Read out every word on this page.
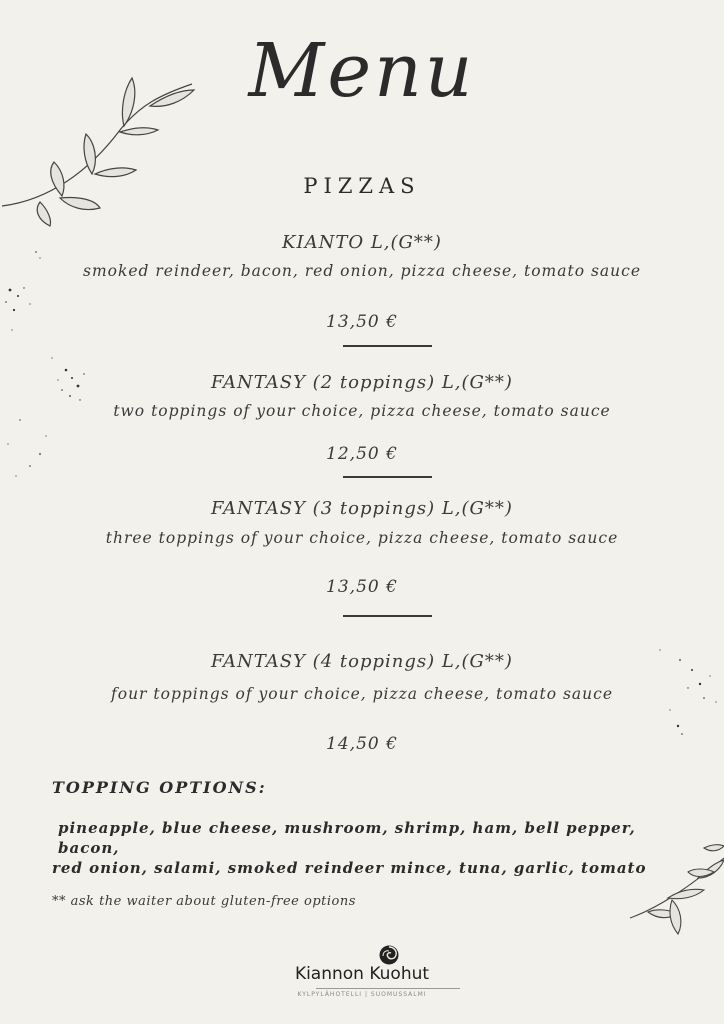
Menu
PIZZAS
KIANTO L,(G**)
smoked reindeer, bacon, red onion, pizza cheese, tomato sauce
13,50 €
FANTASY (2 toppings) L,(G**)
two toppings of your choice, pizza cheese, tomato sauce
12,50 €
FANTASY (3 toppings) L,(G**)
three toppings of your choice, pizza cheese, tomato sauce
13,50 €
FANTASY (4 toppings) L,(G**)
four toppings of your choice, pizza cheese, tomato sauce
14,50 €
TOPPING OPTIONS:
pineapple, blue cheese, mushroom, shrimp, ham, bell pepper, bacon,
red onion, salami, smoked reindeer mince, tuna, garlic, tomato
** ask the waiter about gluten-free options
Kiannon Kuohut
KYLPYLÄHOTELLI | SUOMUSSALMI
